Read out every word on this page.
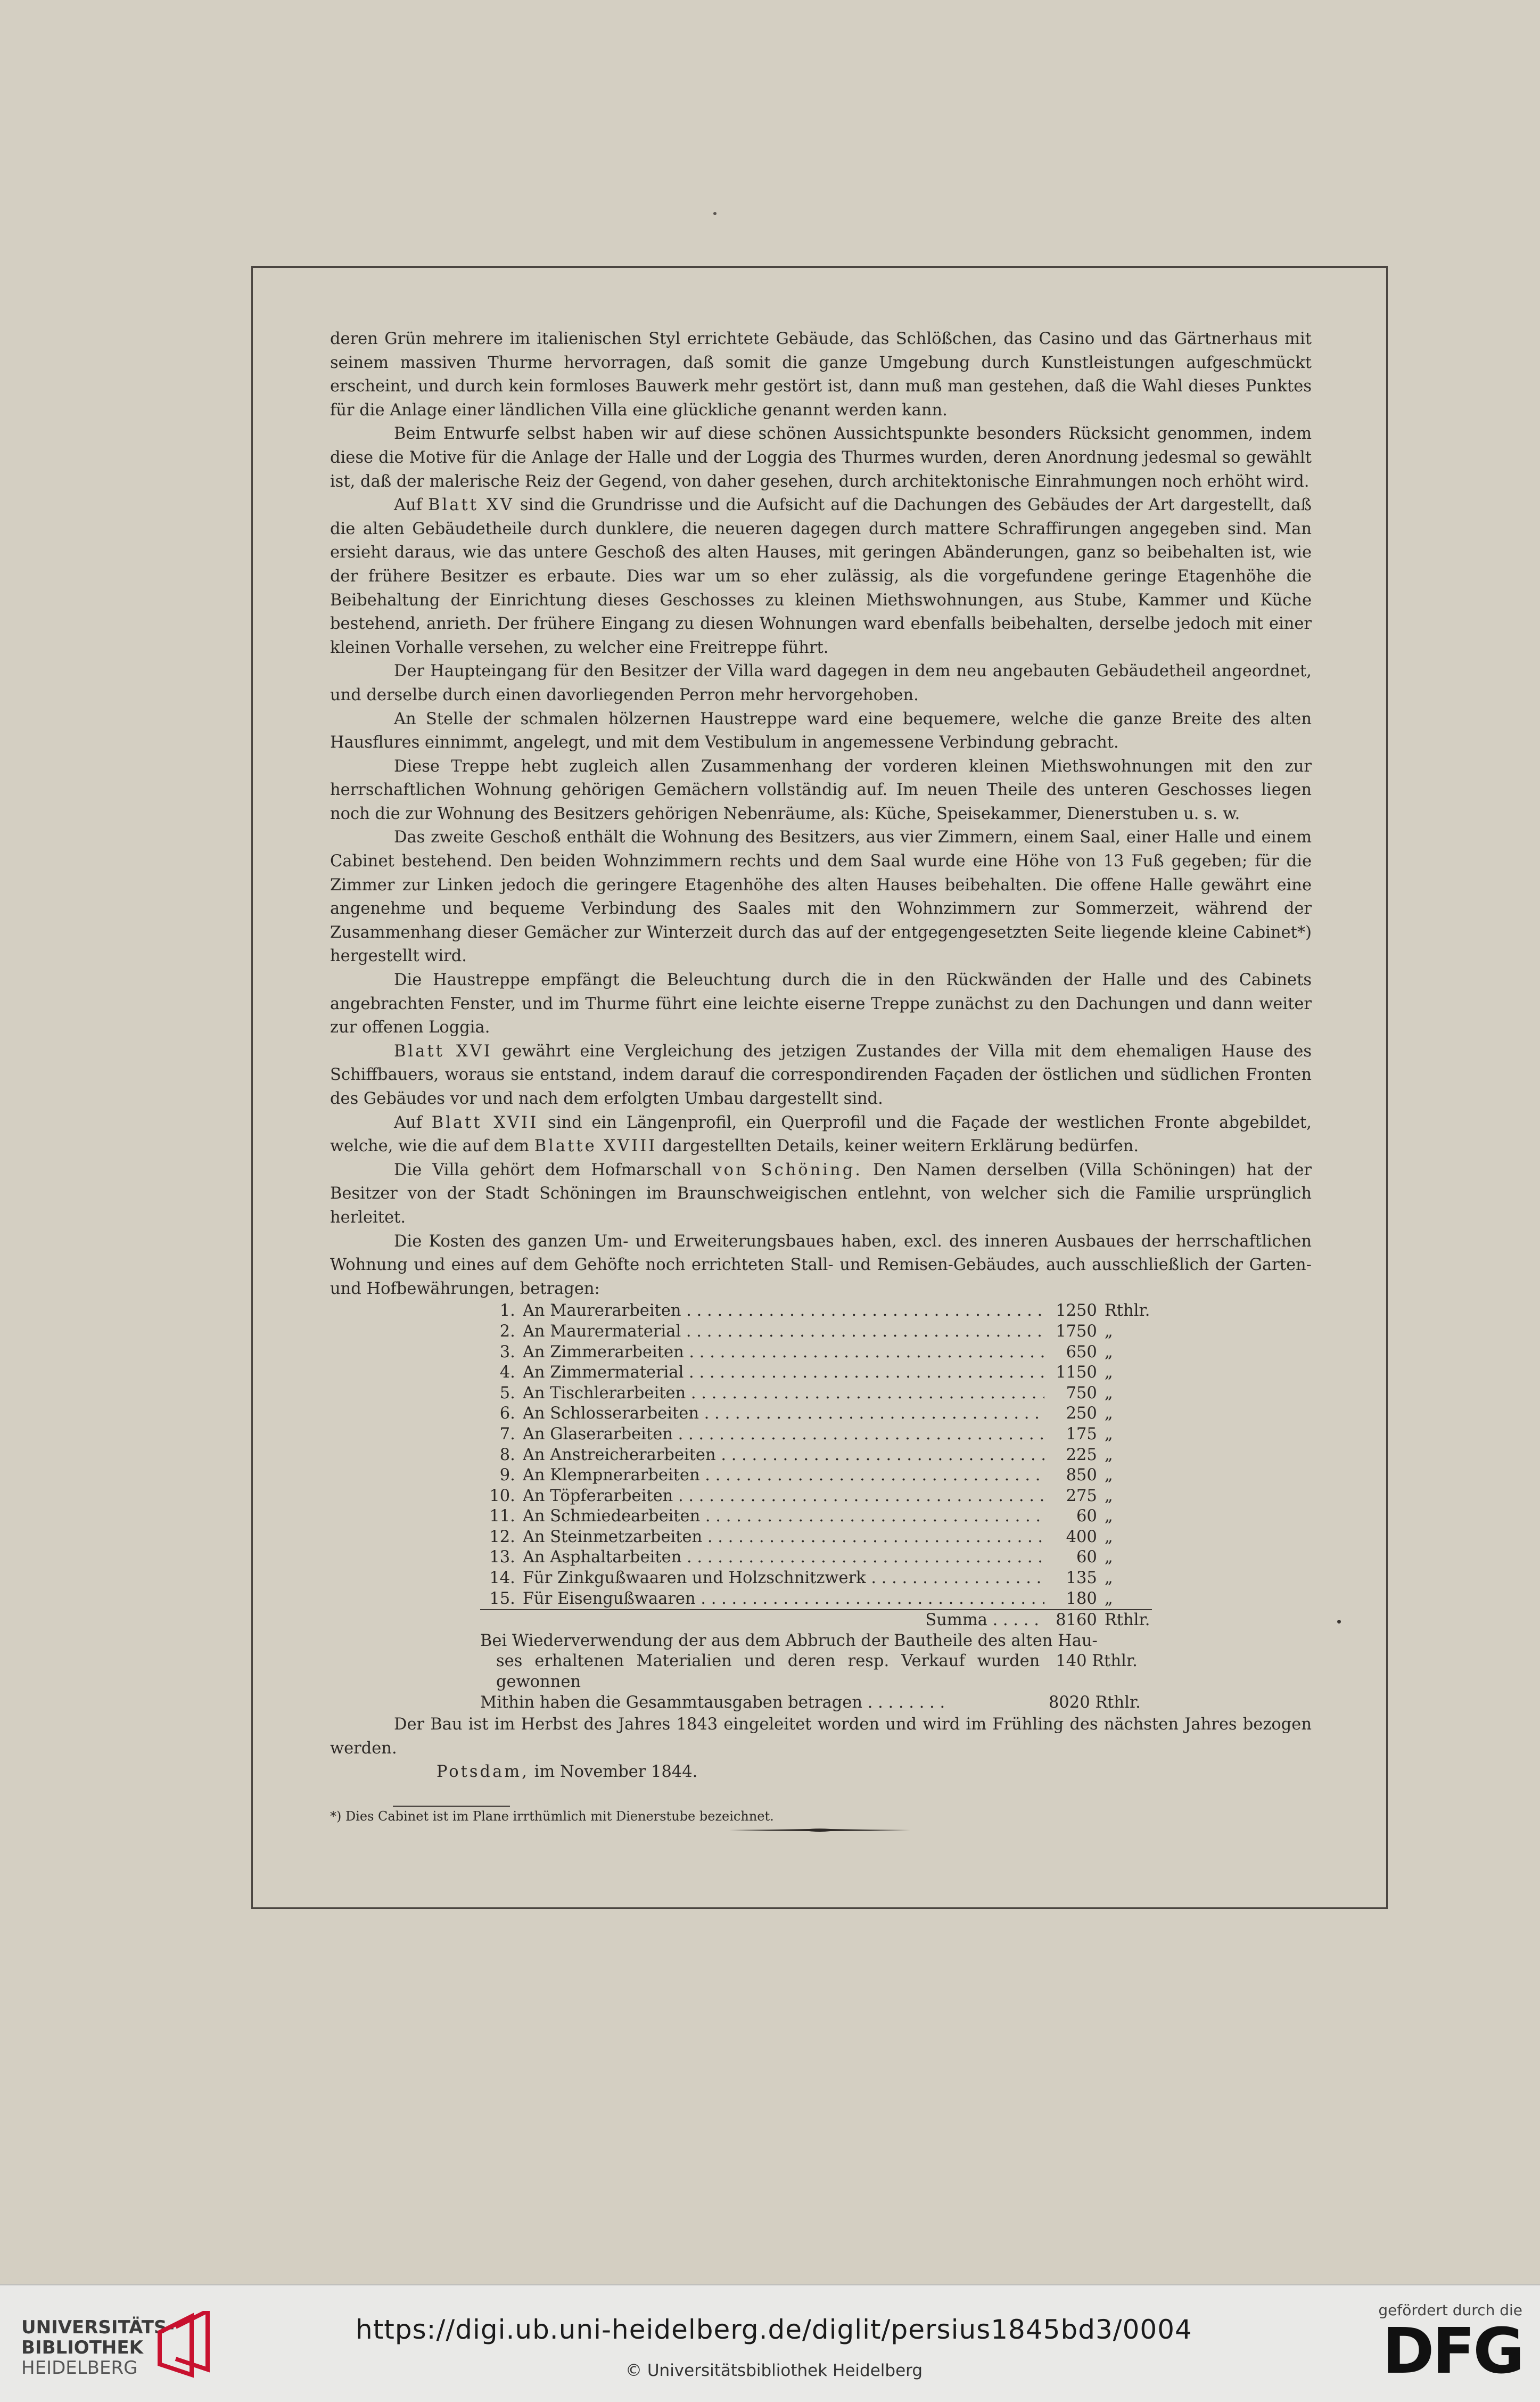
deren Grün mehrere im italienischen Styl errichtete Gebäude, das Schlößchen, das Casino und das Gärtnerhaus mit seinem massiven Thurme hervorragen, daß somit die ganze Umgebung durch Kunstleistungen aufgeschmückt erscheint, und durch kein formloses Bauwerk mehr gestört ist, dann muß man gestehen, daß die Wahl dieses Punktes für die Anlage einer ländlichen Villa eine glückliche genannt werden kann.

Beim Entwurfe selbst haben wir auf diese schönen Aussichtspunkte besonders Rücksicht genommen, indem diese die Motive für die Anlage der Halle und der Loggia des Thurmes wurden, deren Anordnung jedesmal so gewählt ist, daß der malerische Reiz der Gegend, von daher gesehen, durch architektonische Einrahmungen noch erhöht wird.

Auf Blatt XV sind die Grundrisse und die Aufsicht auf die Dachungen des Gebäudes der Art dargestellt, daß die alten Gebäudetheile durch dunklere, die neueren dagegen durch mattere Schraffirungen angegeben sind. Man ersieht daraus, wie das untere Geschoß des alten Hauses, mit geringen Abänderungen, ganz so beibehalten ist, wie der frühere Besitzer es erbaute. Dies war um so eher zulässig, als die vorgefundene geringe Etagenhöhe die Beibehaltung der Einrichtung dieses Geschosses zu kleinen Miethswohnungen, aus Stube, Kammer und Küche bestehend, anrieth. Der frühere Eingang zu diesen Wohnungen ward ebenfalls beibehalten, derselbe jedoch mit einer kleinen Vorhalle versehen, zu welcher eine Freitreppe führt.

Der Haupteingang für den Besitzer der Villa ward dagegen in dem neu angebauten Gebäudetheil angeordnet, und derselbe durch einen davorliegenden Perron mehr hervorgehoben.

An Stelle der schmalen hölzernen Haustreppe ward eine bequemere, welche die ganze Breite des alten Hausflures einnimmt, angelegt, und mit dem Vestibulum in angemessene Verbindung gebracht.

Diese Treppe hebt zugleich allen Zusammenhang der vorderen kleinen Miethswohnungen mit den zur herrschaftlichen Wohnung gehörigen Gemächern vollständig auf. Im neuen Theile des unteren Geschosses liegen noch die zur Wohnung des Besitzers gehörigen Nebenräume, als: Küche, Speisekammer, Dienerstuben u. s. w.

Das zweite Geschoß enthält die Wohnung des Besitzers, aus vier Zimmern, einem Saal, einer Halle und einem Cabinet bestehend. Den beiden Wohnzimmern rechts und dem Saal wurde eine Höhe von 13 Fuß gegeben; für die Zimmer zur Linken jedoch die geringere Etagenhöhe des alten Hauses beibehalten. Die offene Halle gewährt eine angenehme und bequeme Verbindung des Saales mit den Wohnzimmern zur Sommerzeit, während der Zusammenhang dieser Gemächer zur Winterzeit durch das auf der entgegengesetzten Seite liegende kleine Cabinet*) hergestellt wird.

Die Haustreppe empfängt die Beleuchtung durch die in den Rückwänden der Halle und des Cabinets angebrachten Fenster, und im Thurme führt eine leichte eiserne Treppe zunächst zu den Dachungen und dann weiter zur offenen Loggia.

Blatt XVI gewährt eine Vergleichung des jetzigen Zustandes der Villa mit dem ehemaligen Hause des Schiffbauers, woraus sie entstand, indem darauf die correspondirenden Façaden der östlichen und südlichen Fronten des Gebäudes vor und nach dem erfolgten Umbau dargestellt sind.

Auf Blatt XVII sind ein Längenprofil, ein Querprofil und die Façade der westlichen Fronte abgebildet, welche, wie die auf dem Blatte XVIII dargestellten Details, keiner weitern Erklärung bedürfen.

Die Villa gehört dem Hofmarschall von Schöning. Den Namen derselben (Villa Schöningen) hat der Besitzer von der Stadt Schöningen im Braunschweigischen entlehnt, von welcher sich die Familie ursprünglich herleitet.

Die Kosten des ganzen Um- und Erweiterungsbaues haben, excl. des inneren Ausbaues der herrschaftlichen Wohnung und eines auf dem Gehöfte noch errichteten Stall- und Remisen-Gebäudes, auch ausschließlich der Garten- und Hofbewährungen, betragen:

1.	An Maurerarbeiten . . .	1250	Rthlr.
2.	An Maurermaterial . . .	1750	„
3.	An Zimmerarbeiten . . .	650	„
4.	An Zimmermaterial . . .	1150	„
5.	An Tischlerarbeiten . . .	750	„
6.	An Schlosserarbeiten . . .	250	„
7.	An Glaserarbeiten . . .	175	„
8.	An Anstreicherarbeiten . . .	225	„
9.	An Klempnerarbeiten . . .	850	„
10.	An Töpferarbeiten . . .	275	„
11.	An Schmiedearbeiten . . .	60	„
12.	An Steinmetzarbeiten . . .	400	„
13.	An Asphaltarbeiten . . .	60	„
14.	Für Zinkgußwaaren und Holzschnitzwerk . . .	135	„
15.	Für Eisengußwaaren . . .	180	„
	Summa . . . . .	8160	Rthlr.
Bei Wiederverwendung der aus dem Abbruch der Bautheile des alten Hau-
ses erhaltenen Materialien und deren resp. Verkauf wurden gewonnen
140 Rthlr.
Mithin haben die Gesammtausgaben betragen . . . . . . . .	8020 Rthlr.

Der Bau ist im Herbst des Jahres 1843 eingeleitet worden und wird im Frühling des nächsten Jahres bezogen werden.

Potsdam, im November 1844.

*) Dies Cabinet ist im Plane irrthümlich mit Dienerstube bezeichnet.

UNIVERSITÄTS-
BIBLIOTHEK
HEIDELBERG
https://digi.ub.uni-heidelberg.de/diglit/persius1845bd3/0004
© Universitätsbibliothek Heidelberg
gefördert durch die
DFG
